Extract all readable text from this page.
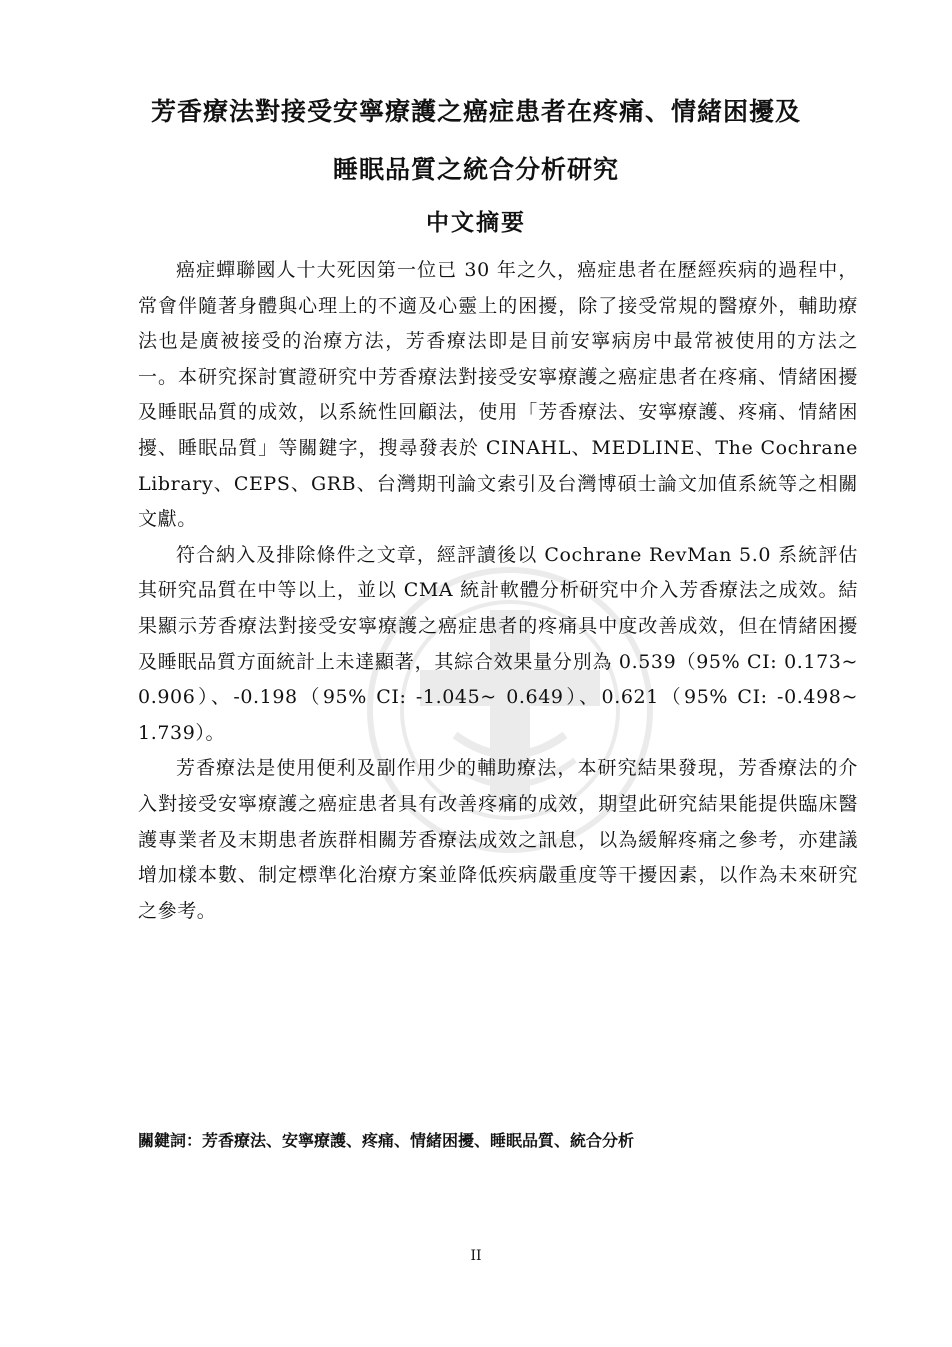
芳香療法對接受安寧療護之癌症患者在疼痛、情緒困擾及
睡眠品質之統合分析研究
中文摘要

癌症蟬聯國人十大死因第一位已 30 年之久，癌症患者在歷經疾病的過程中，常會伴隨著身體與心理上的不適及心靈上的困擾，除了接受常規的醫療外，輔助療法也是廣被接受的治療方法，芳香療法即是目前安寧病房中最常被使用的方法之一。本研究探討實證研究中芳香療法對接受安寧療護之癌症患者在疼痛、情緒困擾及睡眠品質的成效，以系統性回顧法，使用「芳香療法、安寧療護、疼痛、情緒困擾、睡眠品質」等關鍵字，搜尋發表於 CINAHL、MEDLINE、The Cochrane Library、CEPS、GRB、台灣期刊論文索引及台灣博碩士論文加值系統等之相關文獻。

符合納入及排除條件之文章，經評讀後以 Cochrane RevMan 5.0 系統評估其研究品質在中等以上，並以 CMA 統計軟體分析研究中介入芳香療法之成效。結果顯示芳香療法對接受安寧療護之癌症患者的疼痛具中度改善成效，但在情緒困擾及睡眠品質方面統計上未達顯著，其綜合效果量分別為 0.539（95% CI: 0.173~ 0.906）、-0.198（95% CI: -1.045~ 0.649）、0.621（95% CI: -0.498~ 1.739）。

芳香療法是使用便利及副作用少的輔助療法，本研究結果發現，芳香療法的介入對接受安寧療護之癌症患者具有改善疼痛的成效，期望此研究結果能提供臨床醫護專業者及末期患者族群相關芳香療法成效之訊息，以為緩解疼痛之參考，亦建議增加樣本數、制定標準化治療方案並降低疾病嚴重度等干擾因素，以作為未來研究之參考。

關鍵詞：芳香療法、安寧療護、疼痛、情緒困擾、睡眠品質、統合分析

II
